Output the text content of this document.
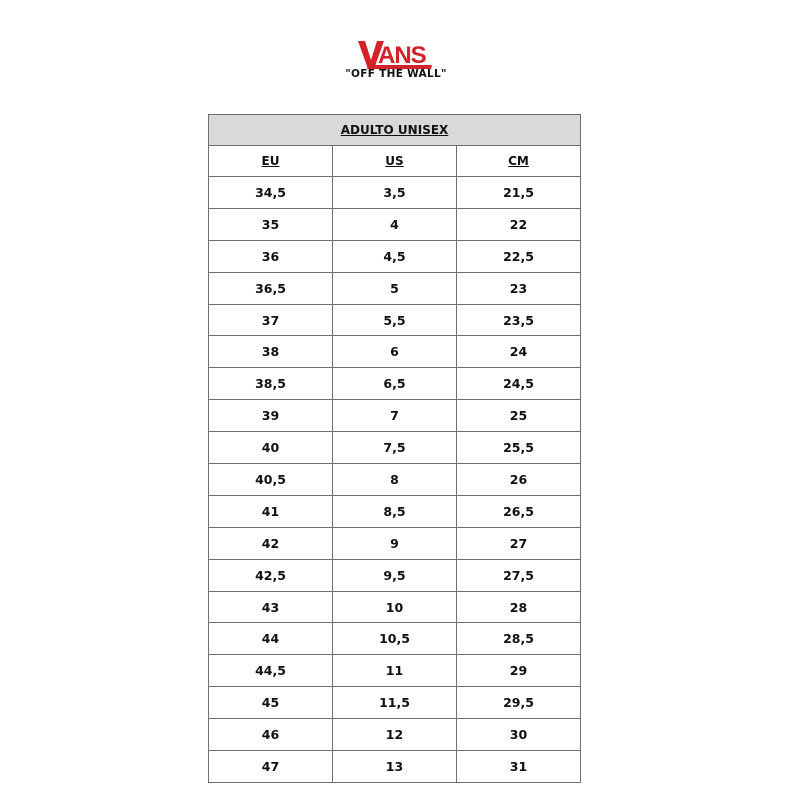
ANS
"OFF THE WALL"
ADULTO UNISEX		
EU	US	CM
34,5	3,5	21,5
35	4	22
36	4,5	22,5
36,5	5	23
37	5,5	23,5
38	6	24
38,5	6,5	24,5
39	7	25
40	7,5	25,5
40,5	8	26
41	8,5	26,5
42	9	27
42,5	9,5	27,5
43	10	28
44	10,5	28,5
44,5	11	29
45	11,5	29,5
46	12	30
47	13	31
